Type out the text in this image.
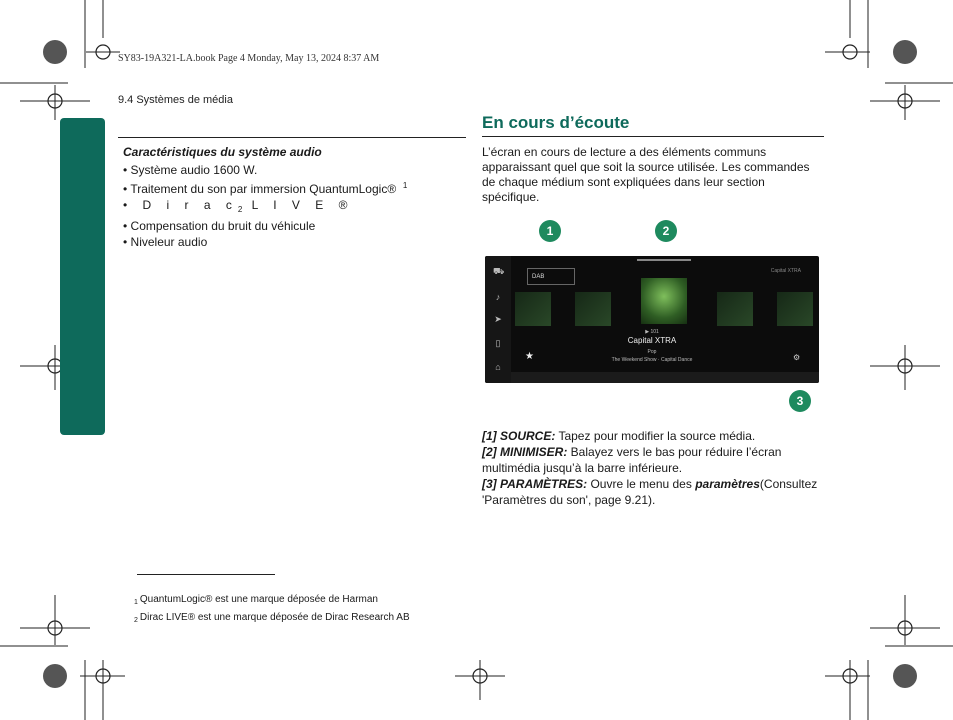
SY83-19A321-LA.book Page 4 Monday, May 13, 2024 8:37 AM
9.4 Systèmes de média
Caractéristiques du système audio
• Système audio 1600 W.
• Traitement du son par immersion QuantumLogic® $^1$
• D i r a $c_2$ L I V E ®
• Compensation du bruit du véhicule
• Niveleur audio
En cours d’écoute
L’écran en cours de lecture a des éléments communs apparaissant quel que soit la source utilisée. Les commandes de chaque médium sont expliquées dans leur section spécifique.
1	2
⛟
♪
➤
▯
⌂
DAB
Capital XTRA
▶ 101
Capital XTRA
Pop
The Weekend Show · Capital Dance
★	⚙
3
[1] SOURCE: Tapez pour modifier la source média.
[2] MINIMISER: Balayez vers le bas pour réduire l’écran multimédia jusqu’à la barre inférieure.
[3] PARAMÈTRES: Ouvre le menu des paramètres(Consultez 'Paramètres du son', page 9.21).
$_1$ QuantumLogic® est une marque déposée de Harman
$_2$ Dirac LIVE® est une marque déposée de Dirac Research AB
